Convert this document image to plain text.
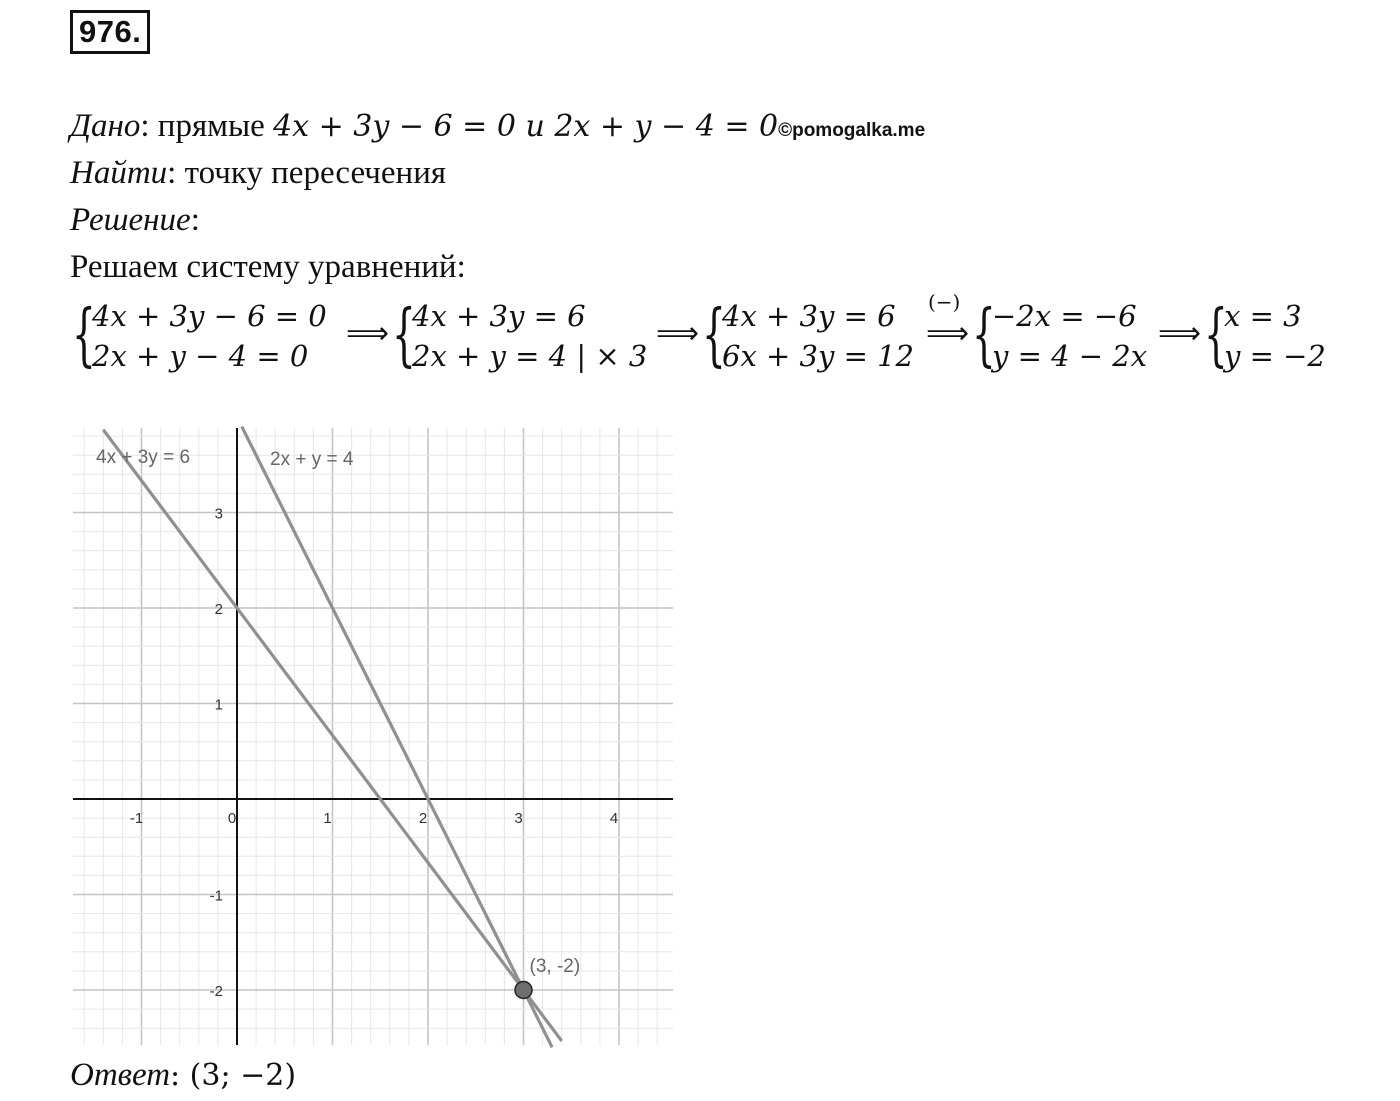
976.
Дано: прямые 4x + 3y − 6 = 0 и 2x + y − 4 = 0©pomogalka.me
Найти: точку пересечения
Решение:
Решаем систему уравнений:
{
4x + 3y − 6 = 0
2x + y − 4 = 0
⟹ {
4x + 3y = 6
2x + y = 4 | × 3
⟹ {
4x + 3y = 6
6x + 3y = 12
(−)
⟹ {
−2x = −6
y = 4 − 2x
⟹ {
x = 3
y = −2
-1	0	1	2	3	4
3
2
1
-1
-2
4x + 3y = 6	2x + y = 4
(3, -2)
Ответ: (3; −2)
